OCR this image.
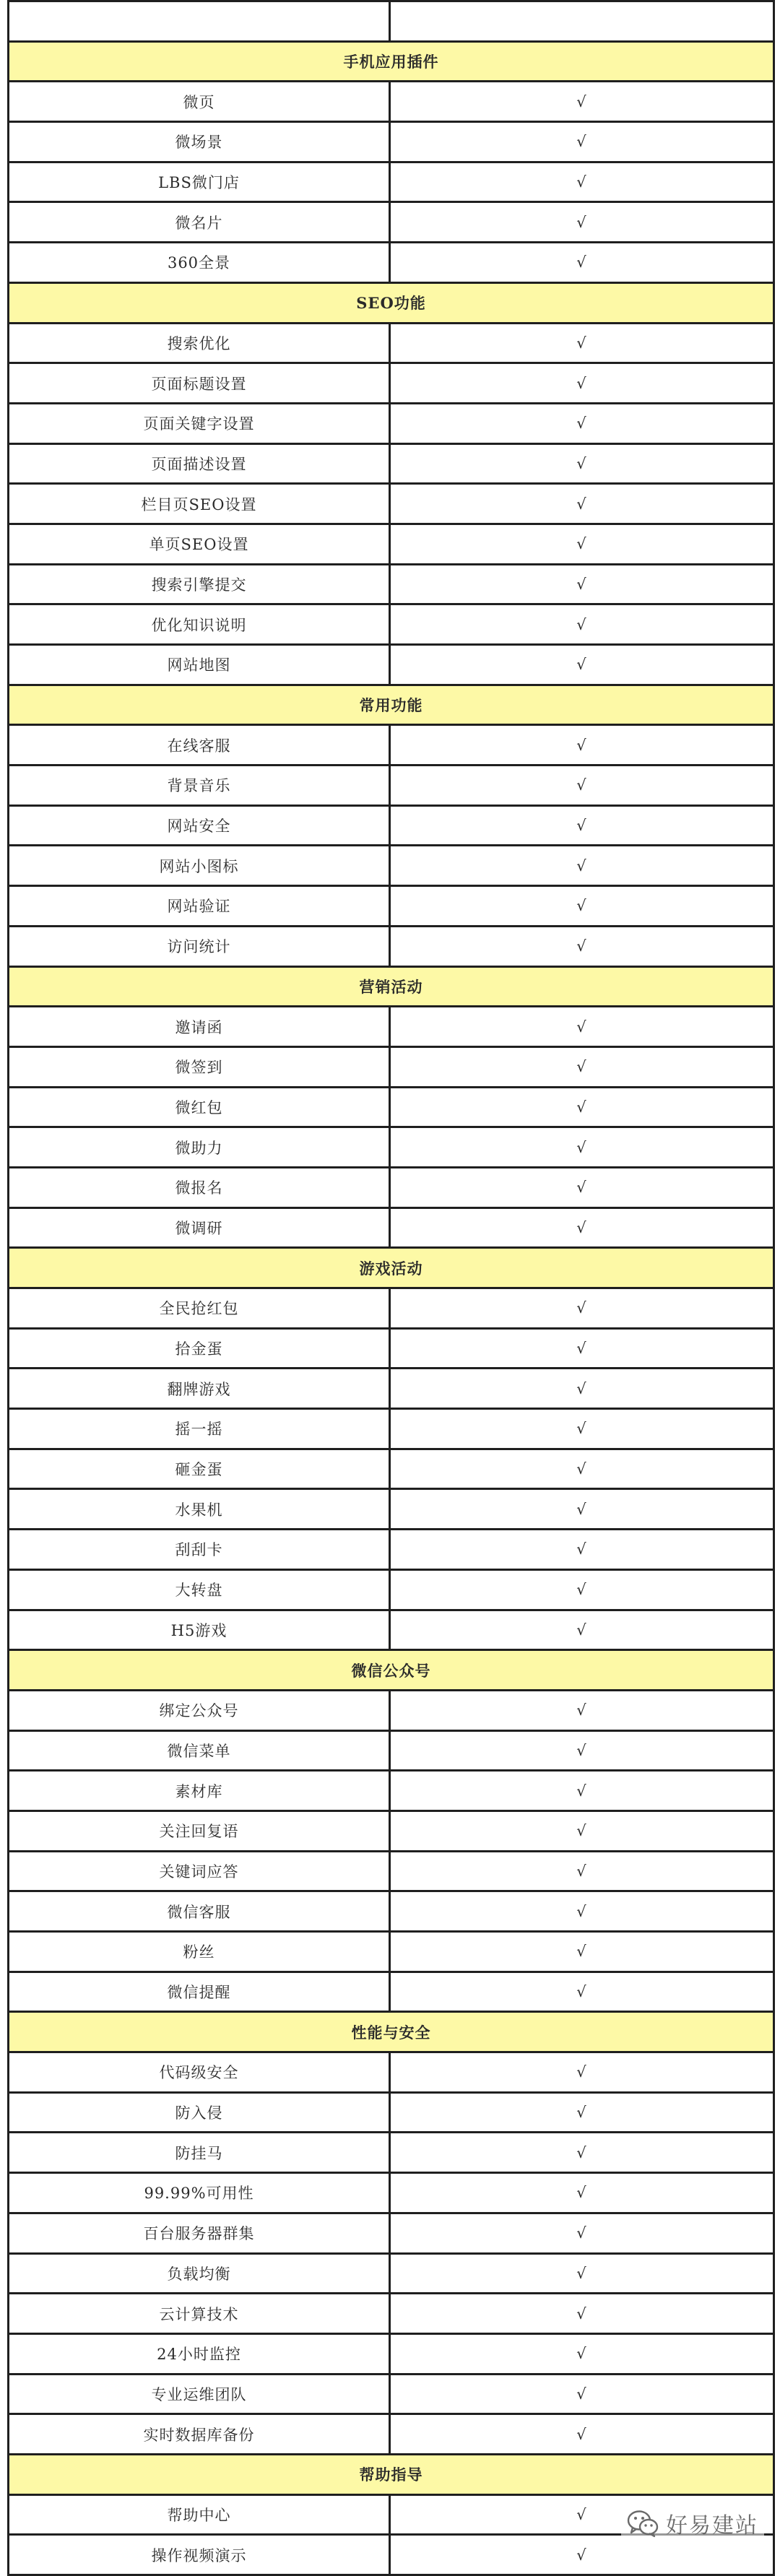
手机应用插件	
微页	√
微场景	√
LBS微门店	√
微名片	√
360全景	√
SEO功能	
搜索优化	√
页面标题设置	√
页面关键字设置	√
页面描述设置	√
栏目页SEO设置	√
单页SEO设置	√
搜索引擎提交	√
优化知识说明	√
网站地图	√
常用功能	
在线客服	√
背景音乐	√
网站安全	√
网站小图标	√
网站验证	√
访问统计	√
营销活动	
邀请函	√
微签到	√
微红包	√
微助力	√
微报名	√
微调研	√
游戏活动	
全民抢红包	√
拾金蛋	√
翻牌游戏	√
摇一摇	√
砸金蛋	√
水果机	√
刮刮卡	√
大转盘	√
H5游戏	√
微信公众号	
绑定公众号	√
微信菜单	√
素材库	√
关注回复语	√
关键词应答	√
微信客服	√
粉丝	√
微信提醒	√
性能与安全	
代码级安全	√
防入侵	√
防挂马	√
99.99%可用性	√
百台服务器群集	√
负载均衡	√
云计算技术	√
24小时监控	√
专业运维团队	√
实时数据库备份	√
帮助指导	
帮助中心	√
操作视频演示	√
好易建站
